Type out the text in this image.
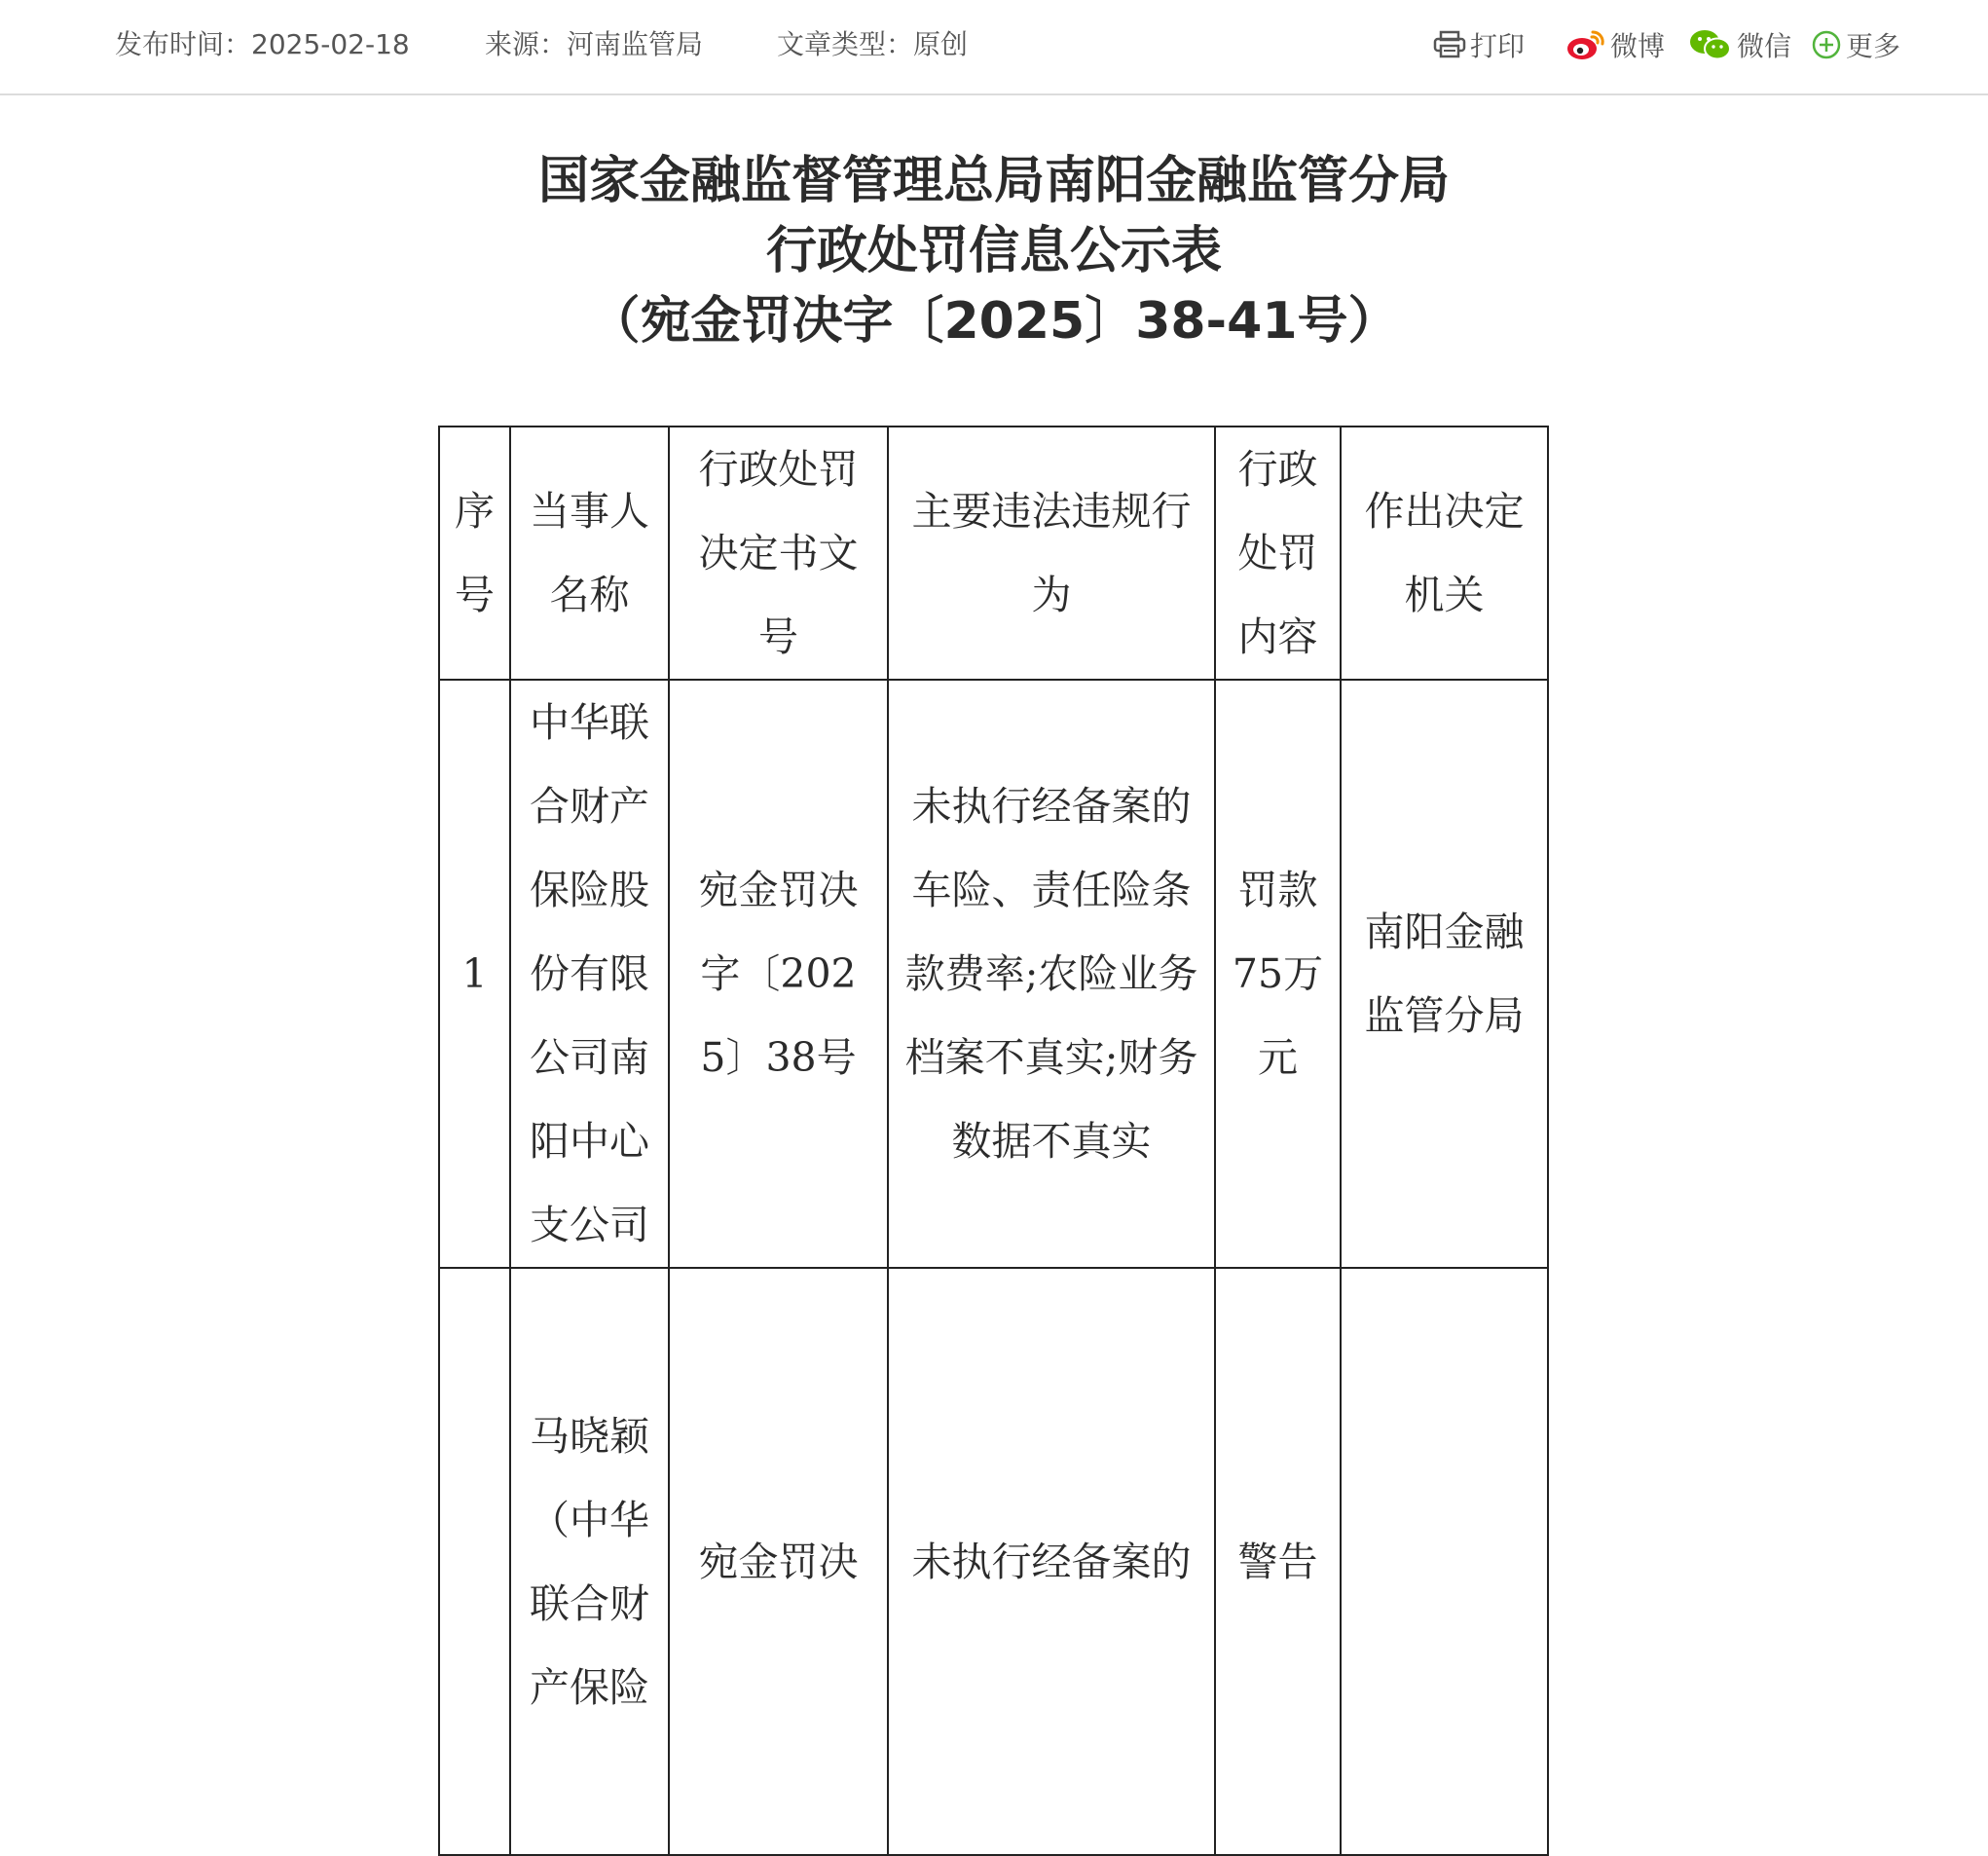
发布时间：2025-02-18	来源：河南监管局	文章类型：原创	打印	微博	微信 更多
国家金融监督管理总局南阳金融监管分局
行政处罚信息公示表
（宛金罚决字〔2025〕38-41号）
序号	当事人名称	行政处罚决定书文号	主要违法违规行为	行政处罚内容	作出决定机关
1	中华联合财产保险股份有限公司南阳中心支公司	宛金罚决字〔2025〕38号	未执行经备案的车险、责任险条款费率;农险业务档案不真实;财务数据不真实	罚款75万元	南阳金融监管分局
	马晓颖（中华联合财产保险	宛金罚决	未执行经备案的	警告	
